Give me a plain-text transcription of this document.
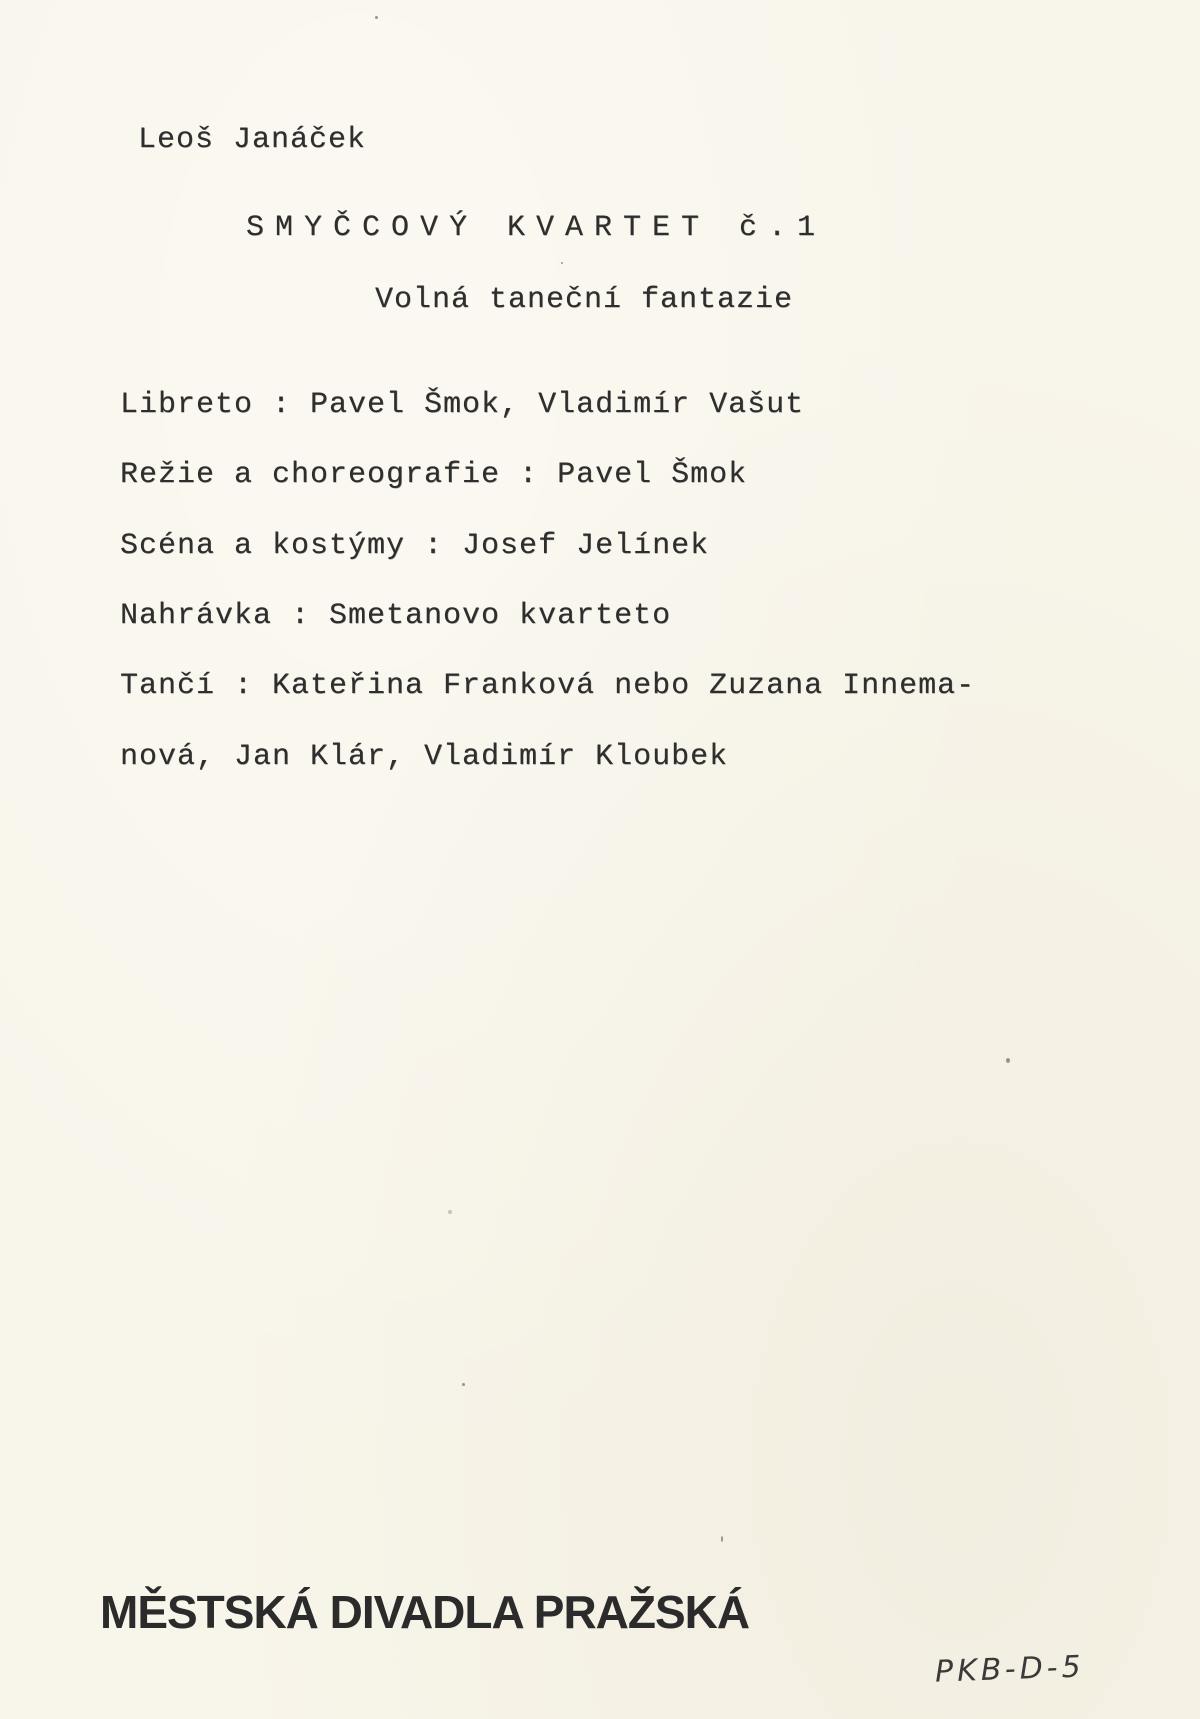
Leoš Janáček
SMYČCOVÝ KVARTET č.1
Volná taneční fantazie
Libreto : Pavel Šmok, Vladimír Vašut
Režie a choreografie : Pavel Šmok
Scéna a kostýmy : Josef Jelínek
Nahrávka : Smetanovo kvarteto
Tančí : Kateřina Franková nebo Zuzana Innema-
nová, Jan Klár, Vladimír Kloubek
MĚSTSKÁ DIVADLA PRAŽSKÁ
PKB-D-5
